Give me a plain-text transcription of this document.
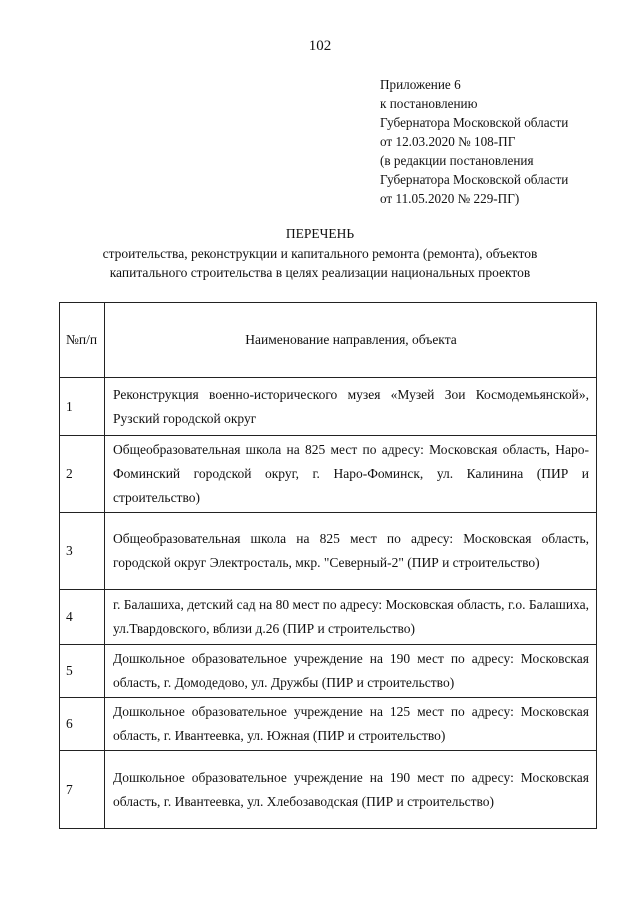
102
Приложение 6
к постановлению
Губернатора Московской области
от 12.03.2020 № 108-ПГ
(в редакции постановления
Губернатора Московской области
от 11.05.2020 № 229-ПГ)
ПЕРЕЧЕНЬ
строительства, реконструкции и капитального ремонта (ремонта), объектов
капитального строительства в целях реализации национальных проектов
№п/п	Наименование направления, объекта
1	Реконструкция военно-исторического музея «Музей Зои Космодемьянской», Рузский городской округ
2	Общеобразовательная школа на 825 мест по адресу: Московская область, Наро-Фоминский городской округ, г. Наро-Фоминск, ул. Калинина (ПИР и строительство)
3	Общеобразовательная школа на 825 мест по адресу: Московская область, городской округ Электросталь, мкр. "Северный-2" (ПИР и строительство)
4	г. Балашиха, детский сад на 80 мест по адресу: Московская область, г.о. Балашиха, ул.Твардовского, вблизи д.26 (ПИР и строительство)
5	Дошкольное образовательное учреждение на 190 мест по адресу: Московская область, г. Домодедово, ул. Дружбы (ПИР и строительство)
6	Дошкольное образовательное учреждение на 125 мест по адресу: Московская область, г. Ивантеевка, ул. Южная (ПИР и строительство)
7	Дошкольное образовательное учреждение на 190 мест по адресу: Московская область, г. Ивантеевка, ул. Хлебозаводская (ПИР и строительство)
